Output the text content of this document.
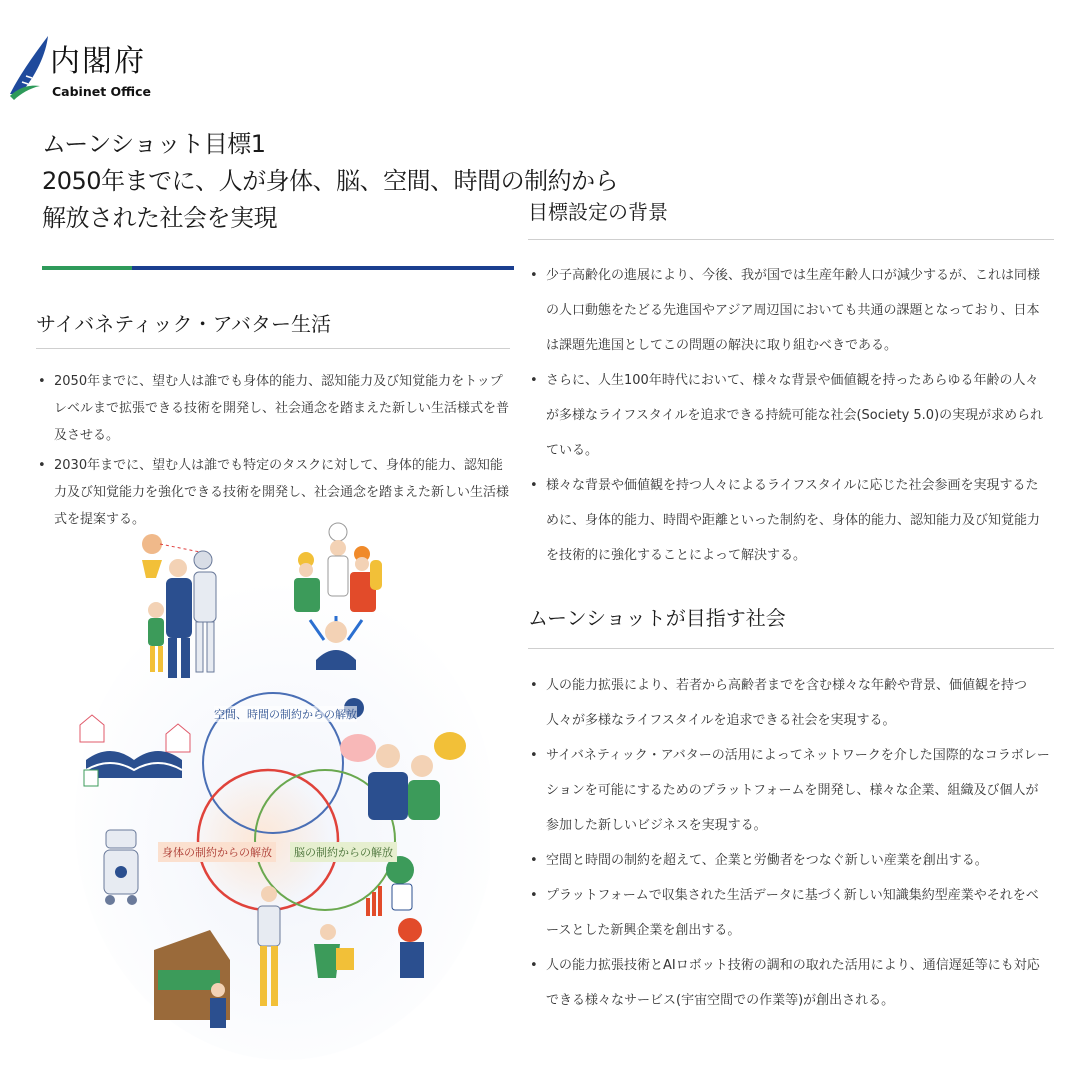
内閣府
Cabinet Office
ムーンショット目標1
2050年までに、人が身体、脳、空間、時間の制約から
解放された社会を実現
サイバネティック・アバター生活
• 2050年までに、望む人は誰でも身体的能力、認知能力及び知覚能力をトップレベルまで拡張できる技術を開発し、社会通念を踏まえた新しい生活様式を普及させる。
• 2030年までに、望む人は誰でも特定のタスクに対して、身体的能力、認知能力及び知覚能力を強化できる技術を開発し、社会通念を踏まえた新しい生活様式を提案する。
空間、時間の制約からの解放
身体の制約からの解放	脳の制約からの解放
目標設定の背景
• 少子高齢化の進展により、今後、我が国では生産年齢人口が減少するが、これは同様の人口動態をたどる先進国やアジア周辺国においても共通の課題となっており、日本は課題先進国としてこの問題の解決に取り組むべきである。
• さらに、人生100年時代において、様々な背景や価値観を持ったあらゆる年齢の人々が多様なライフスタイルを追求できる持続可能な社会(Society 5.0)の実現が求められている。
• 様々な背景や価値観を持つ人々によるライフスタイルに応じた社会参画を実現するために、身体的能力、時間や距離といった制約を、身体的能力、認知能力及び知覚能力を技術的に強化することによって解決する。
ムーンショットが目指す社会
• 人の能力拡張により、若者から高齢者までを含む様々な年齢や背景、価値観を持つ人々が多様なライフスタイルを追求できる社会を実現する。
• サイバネティック・アバターの活用によってネットワークを介した国際的なコラボレーションを可能にするためのプラットフォームを開発し、様々な企業、組織及び個人が参加した新しいビジネスを実現する。
• 空間と時間の制約を超えて、企業と労働者をつなぐ新しい産業を創出する。
• プラットフォームで収集された生活データに基づく新しい知識集約型産業やそれをベースとした新興企業を創出する。
• 人の能力拡張技術とAIロボット技術の調和の取れた活用により、通信遅延等にも対応できる様々なサービス(宇宙空間での作業等)が創出される。
